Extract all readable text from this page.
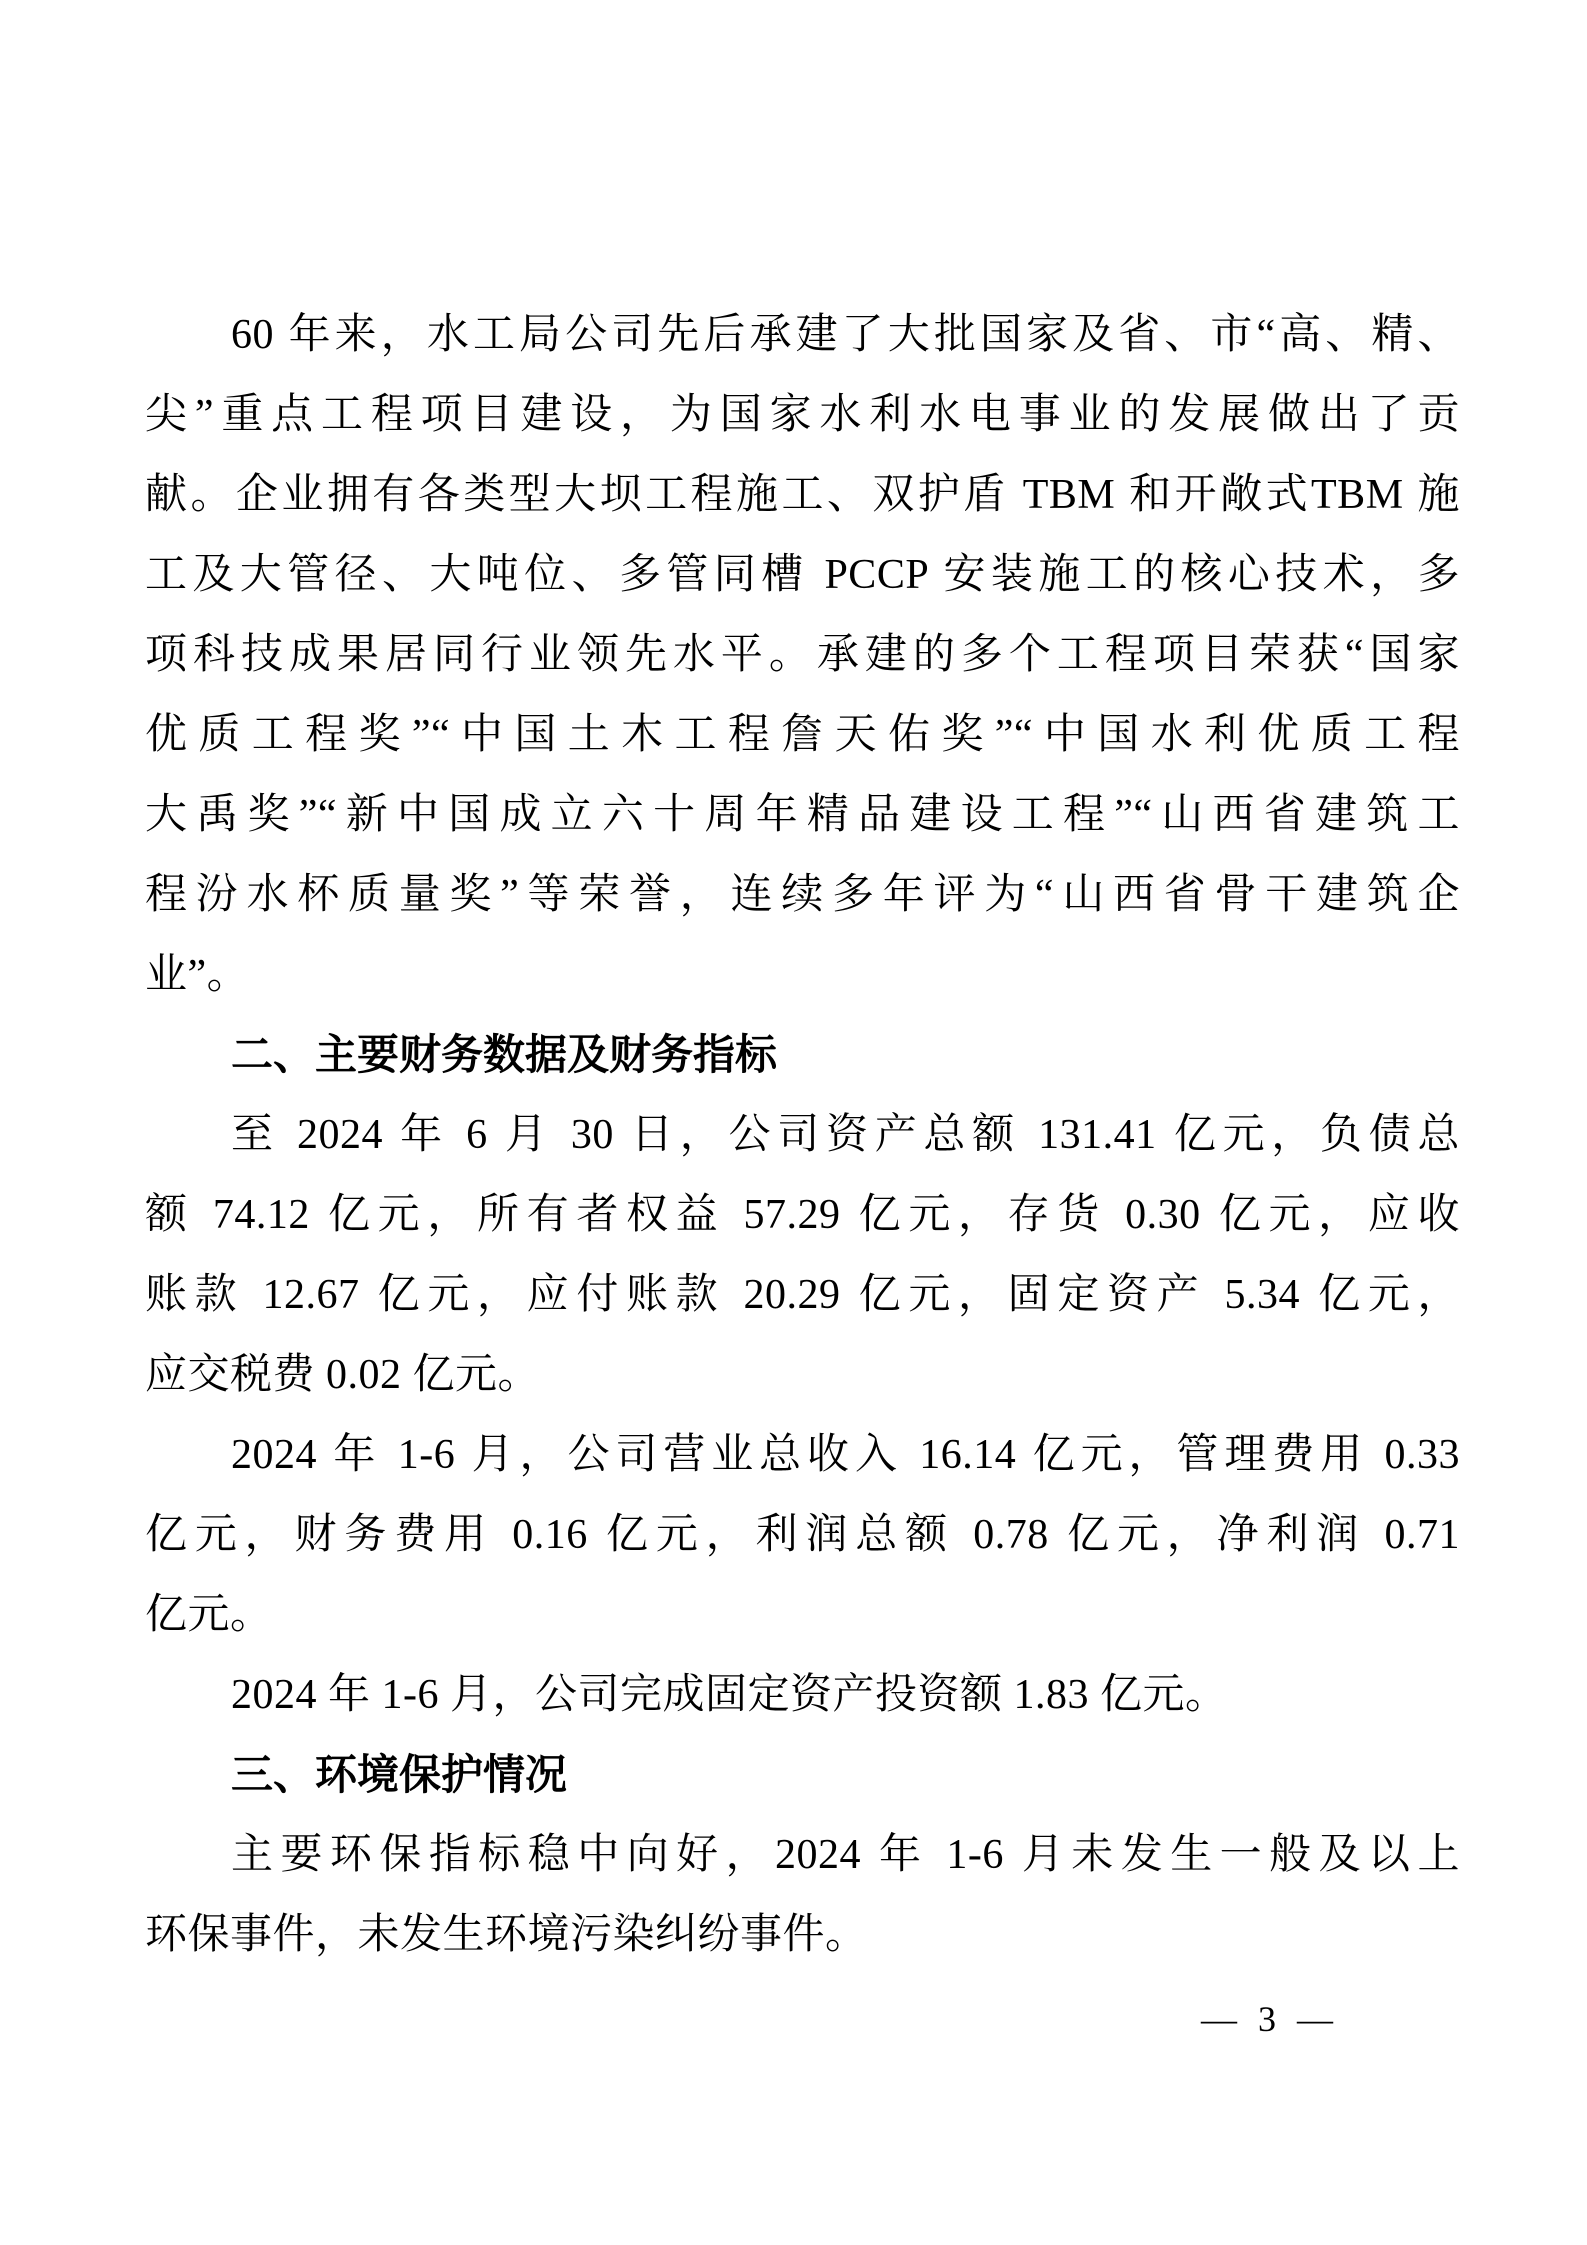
60 年来，水工局公司先后承建了大批国家及省、市“高、精、
尖”重点工程项目建设，为国家水利水电事业的发展做出了贡
献。企业拥有各类型大坝工程施工、双护盾 TBM 和开敞式TBM 施
工及大管径、大吨位、多管同槽 PCCP 安装施工的核心技术，多
项科技成果居同行业领先水平。承建的多个工程项目荣获“国家
优质工程奖”“中国土木工程詹天佑奖”“中国水利优质工程
大禹奖”“新中国成立六十周年精品建设工程”“山西省建筑工
程汾水杯质量奖”等荣誉，连续多年评为“山西省骨干建筑企
业”。
二、主要财务数据及财务指标
至 2024 年 6 月 30 日，公司资产总额 131.41 亿元，负债总
额 74.12 亿元，所有者权益 57.29 亿元，存货 0.30 亿元，应收
账款 12.67 亿元，应付账款 20.29 亿元，固定资产 5.34 亿元，
应交税费 0.02 亿元。
2024 年 1-6 月，公司营业总收入 16.14 亿元，管理费用 0.33
亿元，财务费用 0.16 亿元，利润总额 0.78 亿元，净利润 0.71
亿元。
2024 年 1-6 月，公司完成固定资产投资额 1.83 亿元。
三、环境保护情况
主要环保指标稳中向好，2024 年 1-6 月未发生一般及以上
环保事件，未发生环境污染纠纷事件。
— 3 —
